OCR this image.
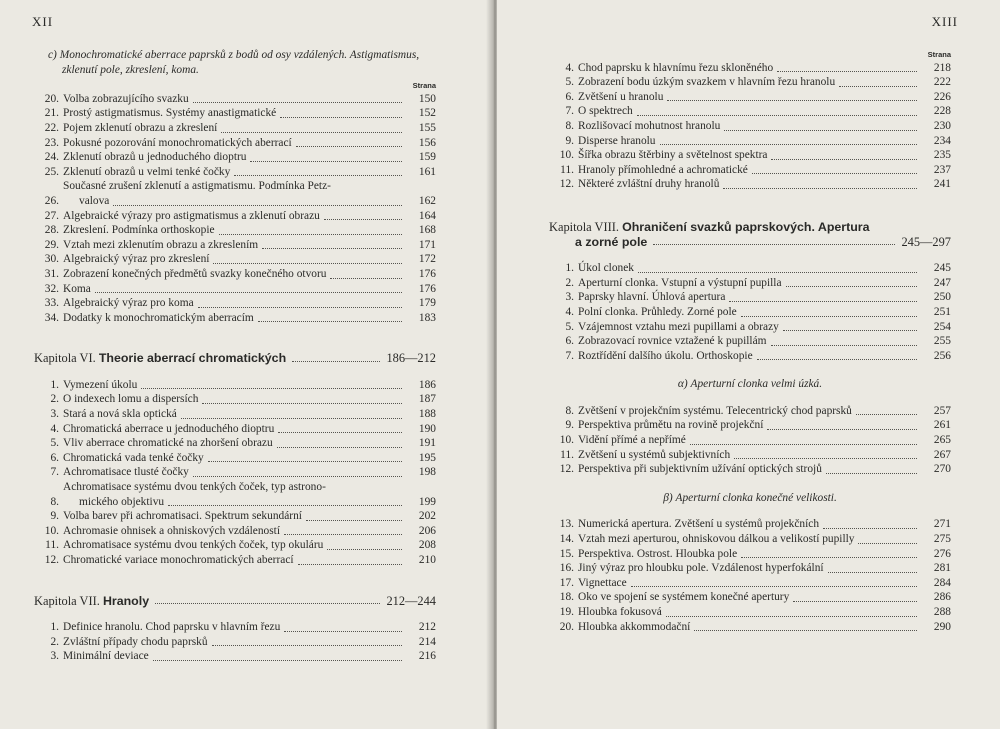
XII
c) Monochromatické aberrace paprsků z bodů od osy vzdálených. Astigmatismus, zklenutí pole, zkreslení, koma.
Strana
20. Volba zobrazujícího svazku	150
21. Prostý astigmatismus. Systémy anastigmatické	152
22. Pojem zklenutí obrazu a zkreslení	155
23. Pokusné pozorování monochromatických aberrací	156
24. Zklenutí obrazů u jednoduchého dioptru	159
25. Zklenutí obrazů u velmi tenké čočky	161
26.
Současné zrušení zklenutí a astigmatismu. Podmínka Petz-
valova	162
27. Algebraické výrazy pro astigmatismus a zklenutí obrazu	164
28. Zkreslení. Podmínka orthoskopie	168
29. Vztah mezi zklenutím obrazu a zkreslením	171
30. Algebraický výraz pro zkreslení	172
31. Zobrazení konečných předmětů svazky konečného otvoru	176
32. Koma	176
33. Algebraický výraz pro koma	179
34. Dodatky k monochromatickým aberracím	183
Kapitola VI.
Theorie aberrací chromatických	186—212
1. Vymezení úkolu	186
2. O indexech lomu a dispersích	187
3. Stará a nová skla optická	188
4. Chromatická aberrace u jednoduchého dioptru	190
5. Vliv aberrace chromatické na zhoršení obrazu	191
6. Chromatická vada tenké čočky	195
7. Achromatisace tlusté čočky	198
8.
Achromatisace systému dvou tenkých čoček, typ astrono-
mického objektivu	199
9. Volba barev při achromatisaci. Spektrum sekundární	202
10. Achromasie ohnisek a ohniskových vzdáleností	206
11. Achromatisace systému dvou tenkých čoček, typ okuláru	208
12. Chromatické variace monochromatických aberrací	210
Kapitola VII.
Hranoly	212—244
1. Definice hranolu. Chod paprsku v hlavním řezu	212
2. Zvláštní případy chodu paprsků	214
3. Minimální deviace	216
XIII
Strana
4. Chod paprsku k hlavnímu řezu skloněného	218
5. Zobrazení bodu úzkým svazkem v hlavním řezu hranolu	222
6. Zvětšení u hranolu	226
7. O spektrech	228
8. Rozlišovací mohutnost hranolu	230
9. Disperse hranolu	234
10. Šířka obrazu štěrbiny a světelnost spektra	235
11. Hranoly přímohledné a achromatické	237
12. Některé zvláštní druhy hranolů	241
Kapitola VIII. Ohraničení svazků paprskových. Apertura
a zorné pole	245—297
1. Úkol clonek	245
2. Aperturní clonka. Vstupní a výstupní pupilla	247
3. Paprsky hlavní. Úhlová apertura	250
4. Polní clonka. Průhledy. Zorné pole	251
5. Vzájemnost vztahu mezi pupillami a obrazy	254
6. Zobrazovací rovnice vztažené k pupillám	255
7. Roztřídění dalšího úkolu. Orthoskopie	256
α) Aperturní clonka velmi úzká.
8. Zvětšení v projekčním systému. Telecentrický chod paprsků	257
9. Perspektiva průmětu na rovině projekční	261
10. Vidění přímé a nepřímé	265
11. Zvětšení u systémů subjektivních	267
12. Perspektiva při subjektivním užívání optických strojů	270
β) Aperturní clonka konečné velikosti.
13. Numerická apertura. Zvětšení u systémů projekčních	271
14. Vztah mezi aperturou, ohniskovou dálkou a velikostí pupilly	275
15. Perspektiva. Ostrost. Hloubka pole	276
16. Jiný výraz pro hloubku pole. Vzdálenost hyperfokální	281
17. Vignettace	284
18. Oko ve spojení se systémem konečné apertury	286
19. Hloubka fokusová	288
20. Hloubka akkommodační	290
